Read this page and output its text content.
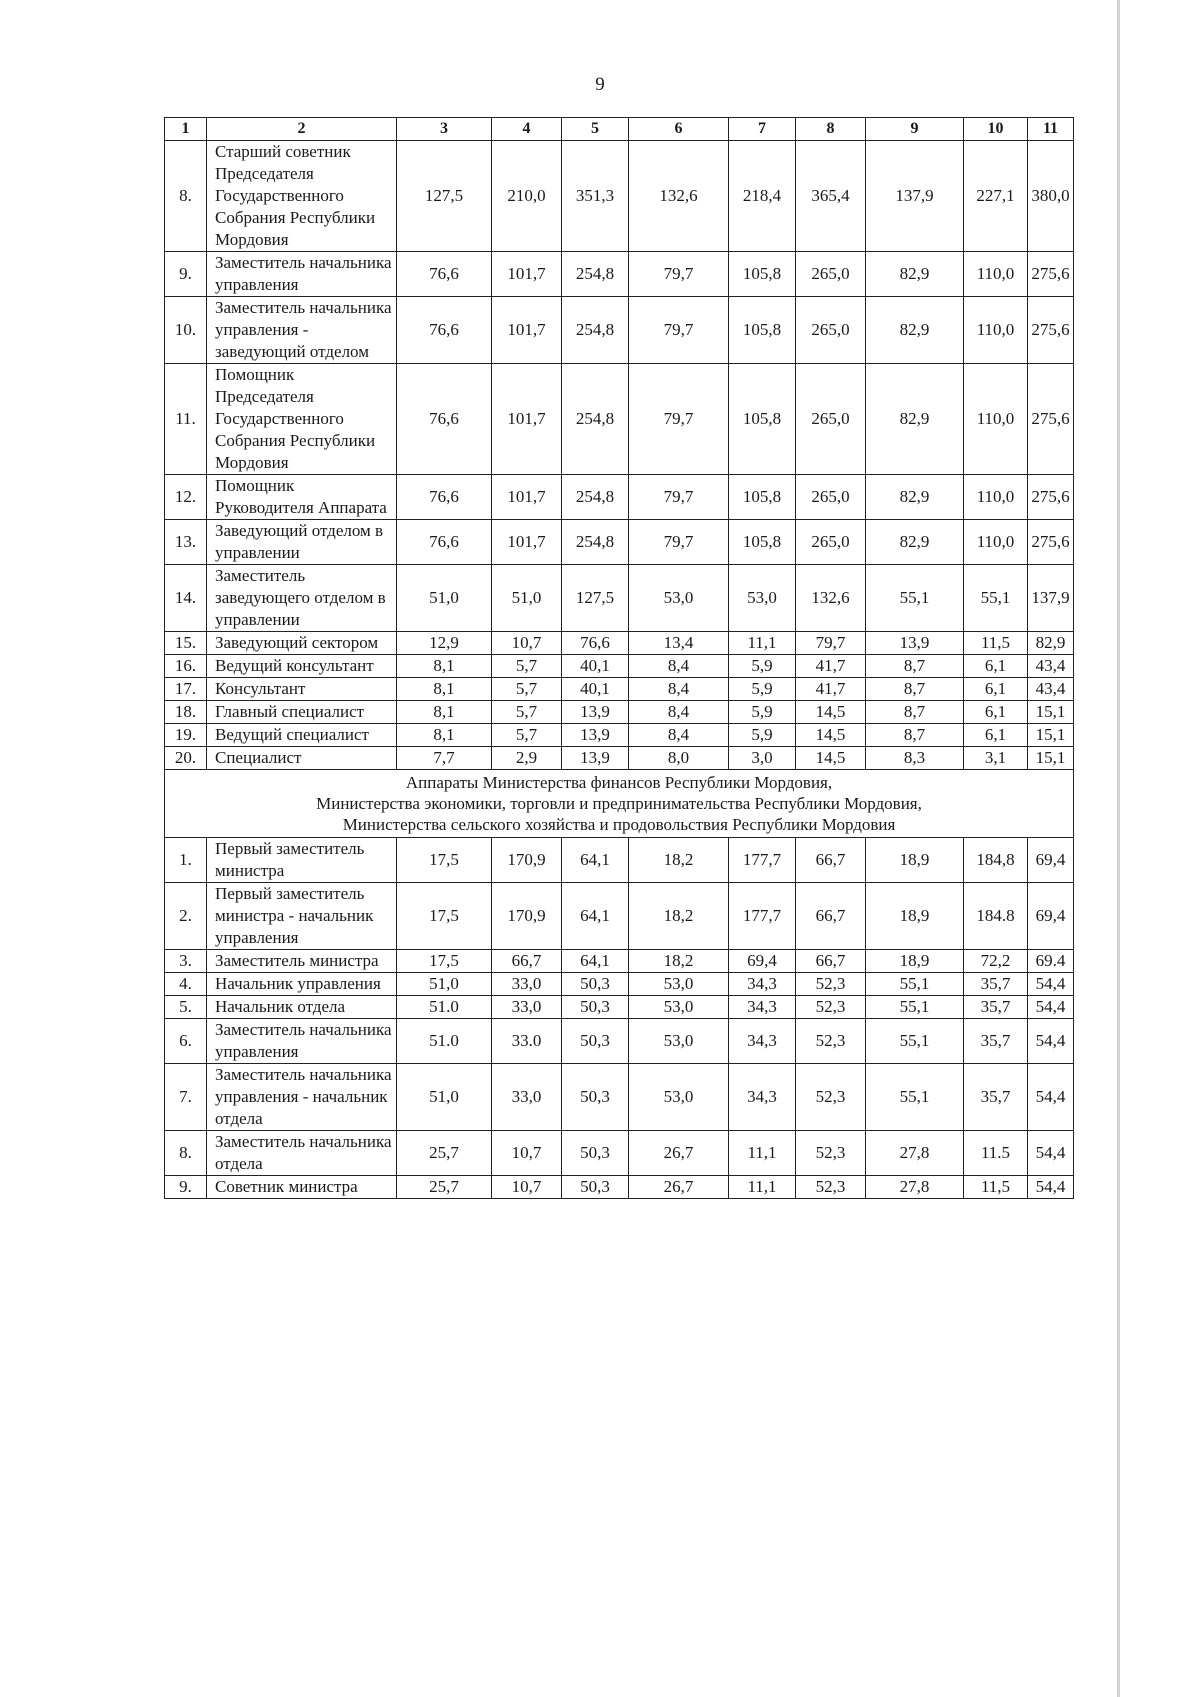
9
1	2	3	4	5	6	7	8	9	10	11
8.	Старший советник Председателя Государственного Собрания Республики Мордовия	127,5	210,0	351,3	132,6	218,4	365,4	137,9	227,1	380,0
9.	Заместитель начальника управления	76,6	101,7	254,8	79,7	105,8	265,0	82,9	110,0	275,6
10.	Заместитель начальника управления - заведующий отделом	76,6	101,7	254,8	79,7	105,8	265,0	82,9	110,0	275,6
11.	Помощник Председателя Государственного Собрания Республики Мордовия	76,6	101,7	254,8	79,7	105,8	265,0	82,9	110,0	275,6
12.	Помощник Руководителя Аппарата	76,6	101,7	254,8	79,7	105,8	265,0	82,9	110,0	275,6
13.	Заведующий отделом в управлении	76,6	101,7	254,8	79,7	105,8	265,0	82,9	110,0	275,6
14.	Заместитель заведующего отделом в управлении	51,0	51,0	127,5	53,0	53,0	132,6	55,1	55,1	137,9
15.	Заведующий сектором	12,9	10,7	76,6	13,4	11,1	79,7	13,9	11,5	82,9
16.	Ведущий консультант	8,1	5,7	40,1	8,4	5,9	41,7	8,7	6,1	43,4
17.	Консультант	8,1	5,7	40,1	8,4	5,9	41,7	8,7	6,1	43,4
18.	Главный специалист	8,1	5,7	13,9	8,4	5,9	14,5	8,7	6,1	15,1
19.	Ведущий специалист	8,1	5,7	13,9	8,4	5,9	14,5	8,7	6,1	15,1
20.	Специалист	7,7	2,9	13,9	8,0	3,0	14,5	8,3	3,1	15,1

Аппараты Министерства финансов Республики Мордовия,
Министерства экономики, торговли и предпринимательства Республики Мордовия,
Министерства сельского хозяйства и продовольствия Республики Мордовия										

1.	Первый заместитель министра	17,5	170,9	64,1	18,2	177,7	66,7	18,9	184,8	69,4
2.	Первый заместитель министра - начальник управления	17,5	170,9	64,1	18,2	177,7	66,7	18,9	184.8	69,4
3.	Заместитель министра	17,5	66,7	64,1	18,2	69,4	66,7	18,9	72,2	69.4
4.	Начальник управления	51,0	33,0	50,3	53,0	34,3	52,3	55,1	35,7	54,4
5.	Начальник отдела	51.0	33,0	50,3	53,0	34,3	52,3	55,1	35,7	54,4
6.	Заместитель начальника управления	51.0	33.0	50,3	53,0	34,3	52,3	55,1	35,7	54,4
7.	Заместитель начальника управления - начальник отдела	51,0	33,0	50,3	53,0	34,3	52,3	55,1	35,7	54,4
8.	Заместитель начальника отдела	25,7	10,7	50,3	26,7	11,1	52,3	27,8	11.5	54,4
9.	Советник министра	25,7	10,7	50,3	26,7	11,1	52,3	27,8	11,5	54,4
